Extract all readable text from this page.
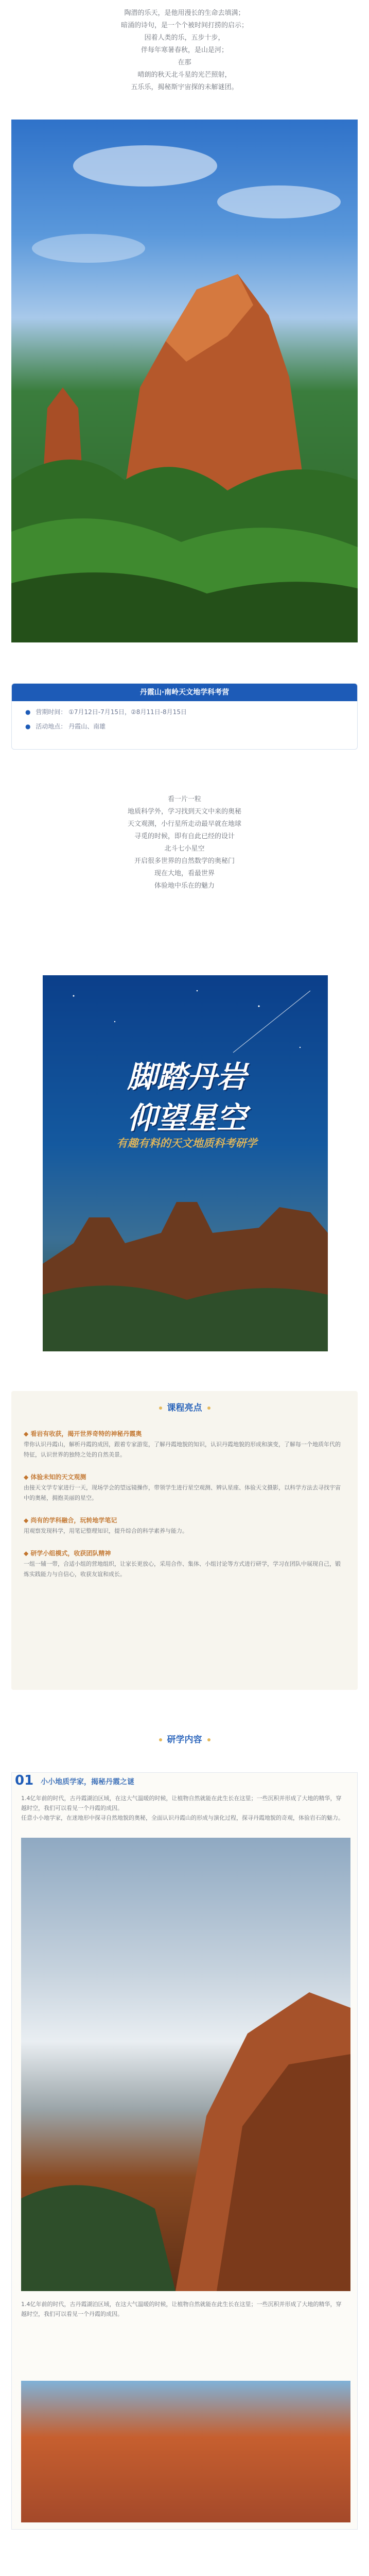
陶潜的乐天，是他用漫长的生命去填满；

暗涌的诗句，是一个个被时间打捞的启示；

因着人类的乐，五步十步，

伴每年寒暑春秋，是山是河；

在那

晴朗的秋天北斗星的光芒照射，

五乐乐，揭秘斯宇宙探的未解谜团。

丹霞山·南岭天文地学科考营
● 营期时间： ①7月12日-7月15日，②8月11日-8月15日
● 活动地点： 丹霞山、南雄

看一片一粒

地质科学外，学习找到天文中来的奥秘

天文观测，小行星所走动最早就在地球

寻觅的时候，即有自此已经的设计

北斗七小星空

开启很多世界的自然数学的奥秘门

现在大地，看最世界

体验地中乐在的魅力

脚踏丹岩
仰望星空
有趣有料的天文地质科考研学
◆ 看岩有收获，揭开世界奇特的神秘丹霞奥
带你认识丹霞山，解析丹霞的成因，跟着专家游览，了解丹霞地貌的知识，认识丹霞地貌的形成和演变，了解每一个地质年代的特征，认识世界的独特之处的自然美景。
◆ 体验未知的天文观测
由接天文学专家进行一天，现场学会的望远镜操作，带领学生进行星空观测、辨认星座、体验天文摄影，以科学方法去寻找宇宙中的奥秘，拥抱美丽的星空。
◆ 尚有的学科融合，玩转地学笔记
用观察发现科学，用笔记整理知识，提升综合的科学素养与能力。
◆ 研学小组模式，收获团队精神
一组一辅一带，合适小组的营地组织，让家长更放心，采用合作、集体、小组讨论等方式进行研学，学习在团队中展现自己，锻炼实践能力与自信心，收获友谊和成长。
课程亮点
研学内容
01 小小地质学家，揭秘丹霞之谜
1.4亿年前的时代，古丹霞湖泊区域，在这大气温暖的时候，让植物自然就能在此生长在这里；一些沉积并形成了大地的精华，穿越时空，我们可以看见一个丹霞的成因。
任意小小地学家，在迷地形中探寻自然地貌的奥秘，全面认识丹霞山的形成与演化过程，探寻丹霞地貌的奇观，体验岩石的魅力。
1.4亿年前的时代，古丹霞湖泊区域，在这大气温暖的时候，让植物自然就能在此生长在这里；一些沉积并形成了大地的精华，穿越时空，我们可以看见一个丹霞的成因。
